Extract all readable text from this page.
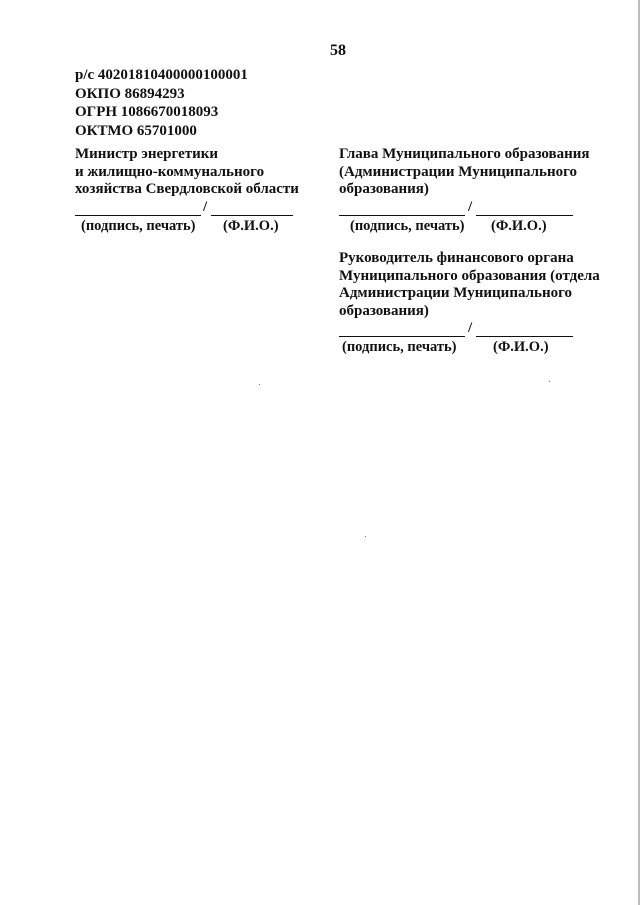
58
р/с 40201810400000100001
ОКПО 86894293
ОГРН 1086670018093
ОКТМО 65701000
Министр энергетики
и жилищно-коммунального
хозяйства Свердловской области
/
(подпись, печать) (Ф.И.О.)
Глава Муниципального образования
(Администрации Муниципального
образования)
/
(подпись, печать) (Ф.И.О.)
Руководитель финансового органа
Муниципального образования (отдела
Администрации Муниципального
образования)
/
(подпись, печать)	(Ф.И.О.)
